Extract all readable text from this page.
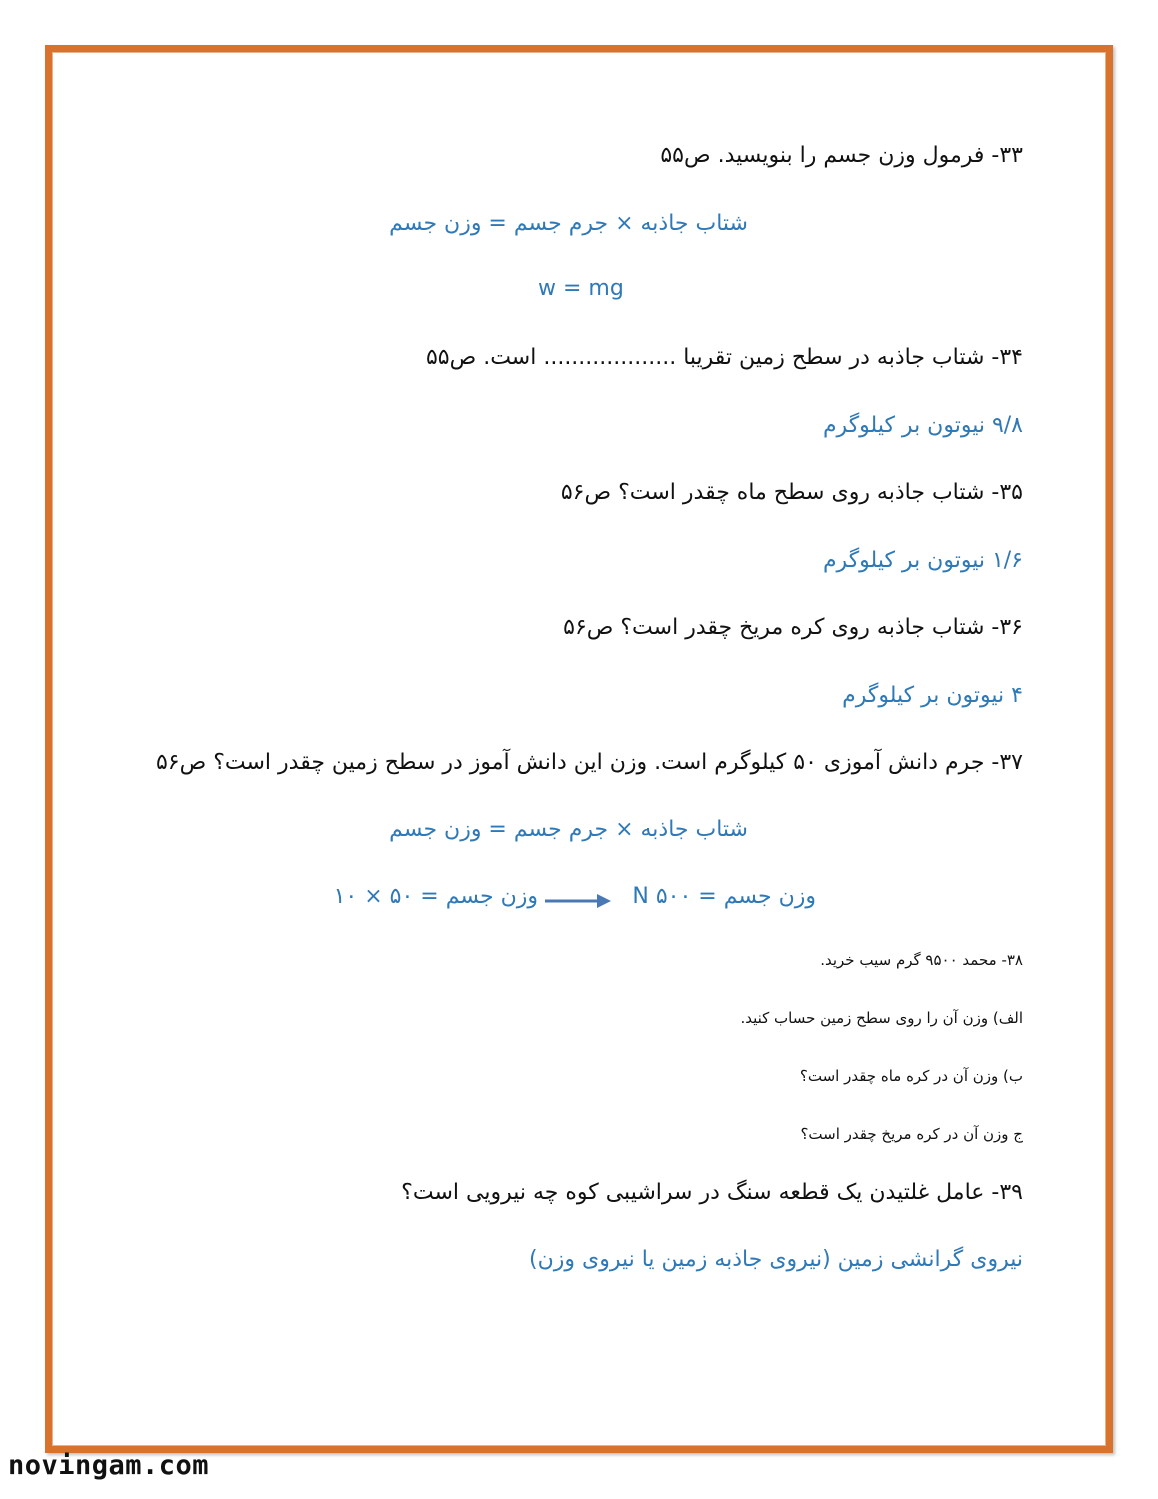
۳۳- فرمول وزن جسم را بنویسید. ص۵۵
شتاب جاذبه × جرم جسم = وزن جسم
w = mg
۳۴- شتاب جاذبه در سطح زمین تقریبا ................... است. ص۵۵
۹/۸ نیوتون بر کیلوگرم
۳۵- شتاب جاذبه روی سطح ماه چقدر است؟ ص۵۶
۱/۶ نیوتون بر کیلوگرم
۳۶- شتاب جاذبه روی کره مریخ چقدر است؟ ص۵۶
۴ نیوتون بر کیلوگرم
۳۷- جرم دانش آموزی ۵۰ کیلوگرم است. وزن این دانش آموز در سطح زمین چقدر است؟ ص۵۶
شتاب جاذبه × جرم جسم = وزن جسم
وزن جسم = ۵۰ × ۱۰	وزن جسم = ۵۰۰ N
۳۸- محمد ۹۵۰۰ گرم سیب خرید.
الف) وزن آن را روی سطح زمین حساب کنید.
ب) وزن آن در کره ماه چقدر است؟
ج وزن آن در کره مریخ چقدر است؟
۳۹- عامل غلتیدن یک قطعه سنگ در سراشیبی کوه چه نیرویی است؟
نیروی گرانشی زمین (نیروی جاذبه زمین یا نیروی وزن)
novingam.com
